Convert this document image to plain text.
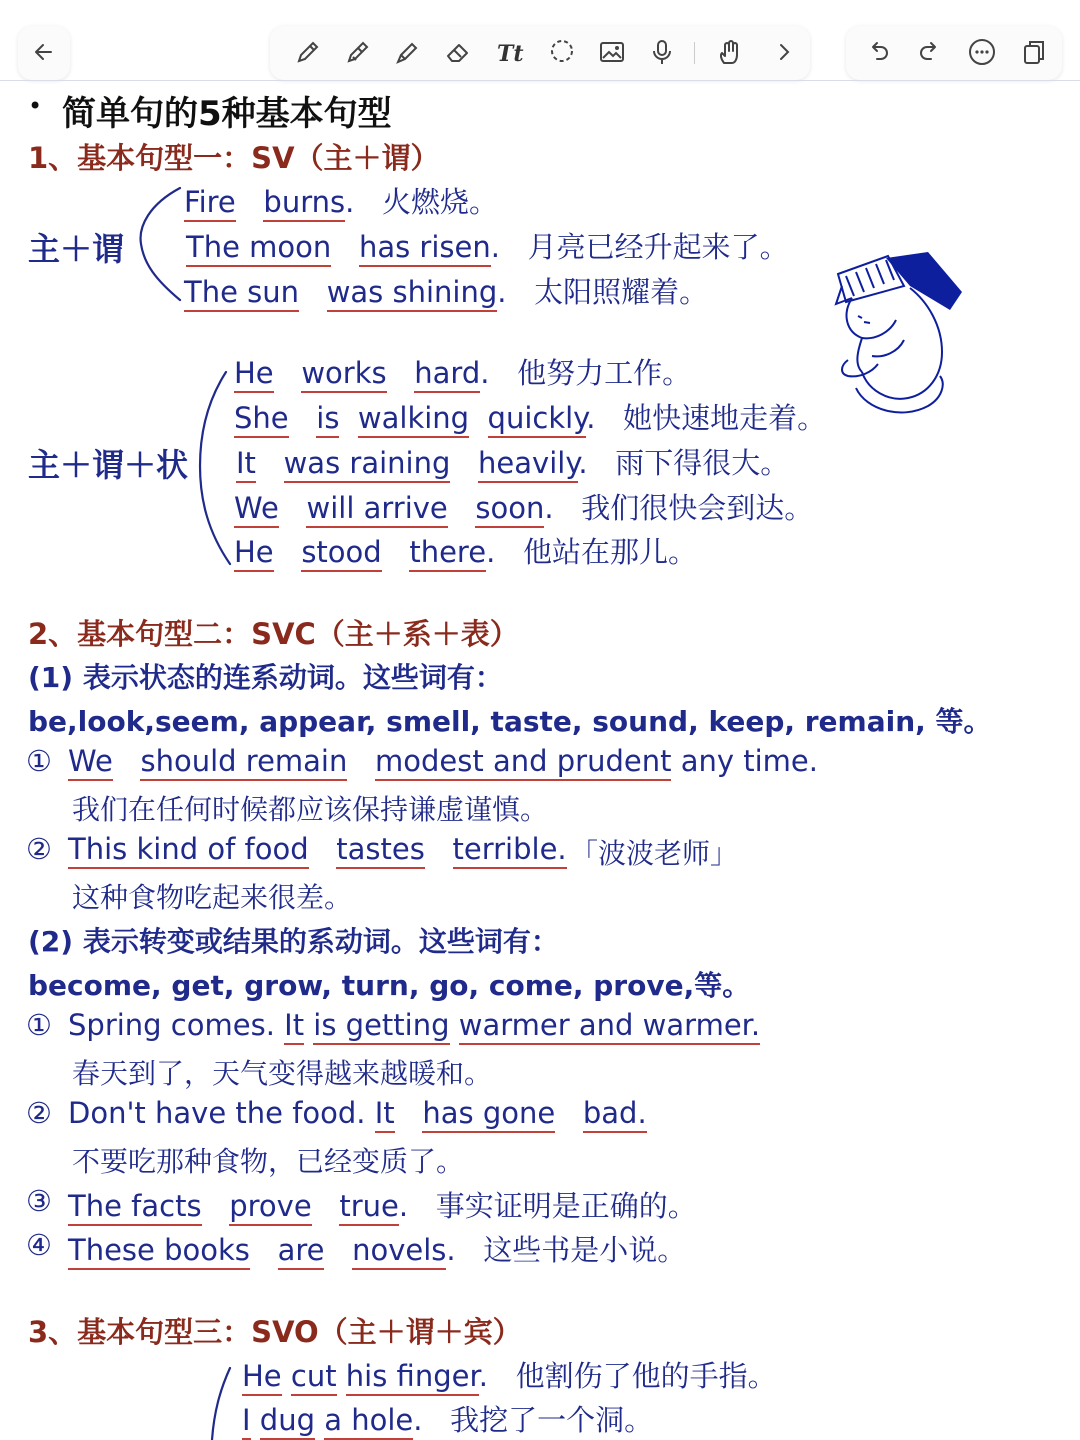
Tt
• 简单句的5种基本句型
1、基本句型一：SV（主＋谓）
主＋谓
Fire burns.   火燃烧。
The moon has risen.   月亮已经升起来了。
The sun was shining.   太阳照耀着。
主＋谓＋状
He works hard.   他努力工作。
She is walking quickly.   她快速地走着。
It was raining heavily.   雨下得很大。
We will arrive soon.   我们很快会到达。
He stood there.   他站在那儿。
2、基本句型二：SVC（主＋系＋表）
(1) 表示状态的连系动词。这些词有：
be,look,seem, appear, smell, taste, sound, keep, remain, 等。
① We should remain modest and prudent any time.
我们在任何时候都应该保持谦虚谨慎。
② This kind of food tastes terrible. 「波波老师」
这种食物吃起来很差。
(2) 表示转变或结果的系动词。这些词有：
become, get, grow, turn, go, come, prove,等。
① Spring comes. It is getting warmer and warmer.
春天到了，天气变得越来越暖和。
② Don't have the food. It has gone bad.
不要吃那种食物，已经变质了。
③ The facts prove true.   事实证明是正确的。
④ These books are novels.   这些书是小说。
3、基本句型三：SVO（主＋谓＋宾）
He cut his finger.   他割伤了他的手指。
I dug a hole.   我挖了一个洞。
